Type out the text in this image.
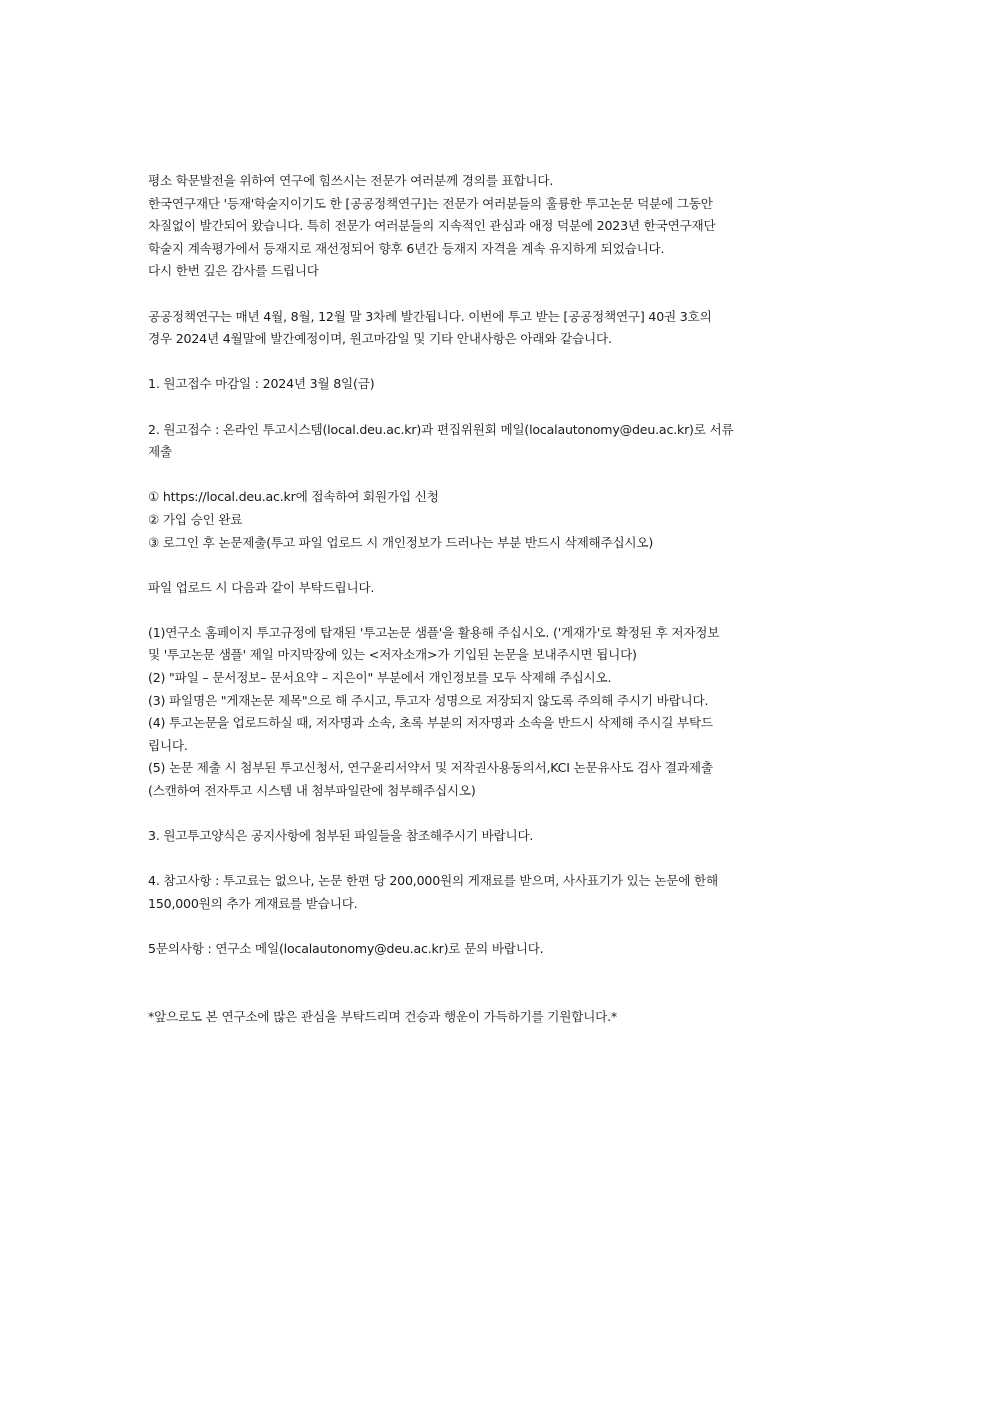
평소 학문발전을 위하여 연구에 힘쓰시는 전문가 여러분께 경의를 표합니다.
한국연구재단 '등재'학술지이기도 한 [공공정책연구]는 전문가 여러분들의 훌륭한 투고논문 덕분에 그동안
차질없이 발간되어 왔습니다. 특히 전문가 여러분들의 지속적인 관심과 애정 덕분에 2023년 한국연구재단
학술지 계속평가에서 등재지로 재선정되어 향후 6년간 등재지 자격을 계속 유지하게 되었습니다.
다시 한번 깊은 감사를 드립니다
공공정책연구는 매년 4월, 8월, 12월 말 3차례 발간됩니다. 이번에 투고 받는 [공공정책연구] 40권 3호의
경우 2024년 4월말에 발간예정이며, 원고마감일 및 기타 안내사항은 아래와 같습니다.
1. 원고접수 마감일 : 2024년 3월 8일(금)
2. 원고접수 : 온라인 투고시스템(local.deu.ac.kr)과 편집위원회 메일(localautonomy@deu.ac.kr)로 서류
제출
① https://local.deu.ac.kr에 접속하여 회원가입 신청
② 가입 승인 완료
③ 로그인 후 논문제출(투고 파일 업로드 시 개인정보가 드러나는 부분 반드시 삭제해주십시오)
파일 업로드 시 다음과 같이 부탁드립니다.
(1)연구소 홈페이지 투고규정에 탑재된 '투고논문 샘플'을 활용해 주십시오. ('게재가'로 확정된 후 저자정보
및 '투고논문 샘플' 제일 마지막장에 있는 <저자소개>가 기입된 논문을 보내주시면 됩니다)
(2) "파일 – 문서정보– 문서요약 – 지은이" 부분에서 개인정보를 모두 삭제해 주십시오.
(3) 파일명은 "게재논문 제목"으로 해 주시고, 투고자 성명으로 저장되지 않도록 주의해 주시기 바랍니다.
(4) 투고논문을 업로드하실 때, 저자명과 소속, 초록 부분의 저자명과 소속을 반드시 삭제해 주시길 부탁드
립니다.
(5) 논문 제출 시 첨부된 투고신청서, 연구윤리서약서 및 저작권사용동의서,KCI 논문유사도 검사 결과제출
(스캔하여 전자투고 시스템 내 첨부파일란에 첨부해주십시오)
3. 원고투고양식은 공지사항에 첨부된 파일들을 참조해주시기 바랍니다.
4. 참고사항 : 투고료는 없으나, 논문 한편 당 200,000원의 게재료를 받으며, 사사표기가 있는 논문에 한해
150,000원의 추가 게재료를 받습니다.
5문의사항 : 연구소 메일(localautonomy@deu.ac.kr)로 문의 바랍니다.
*앞으로도 본 연구소에 많은 관심을 부탁드리며 건승과 행운이 가득하기를 기원합니다.*
